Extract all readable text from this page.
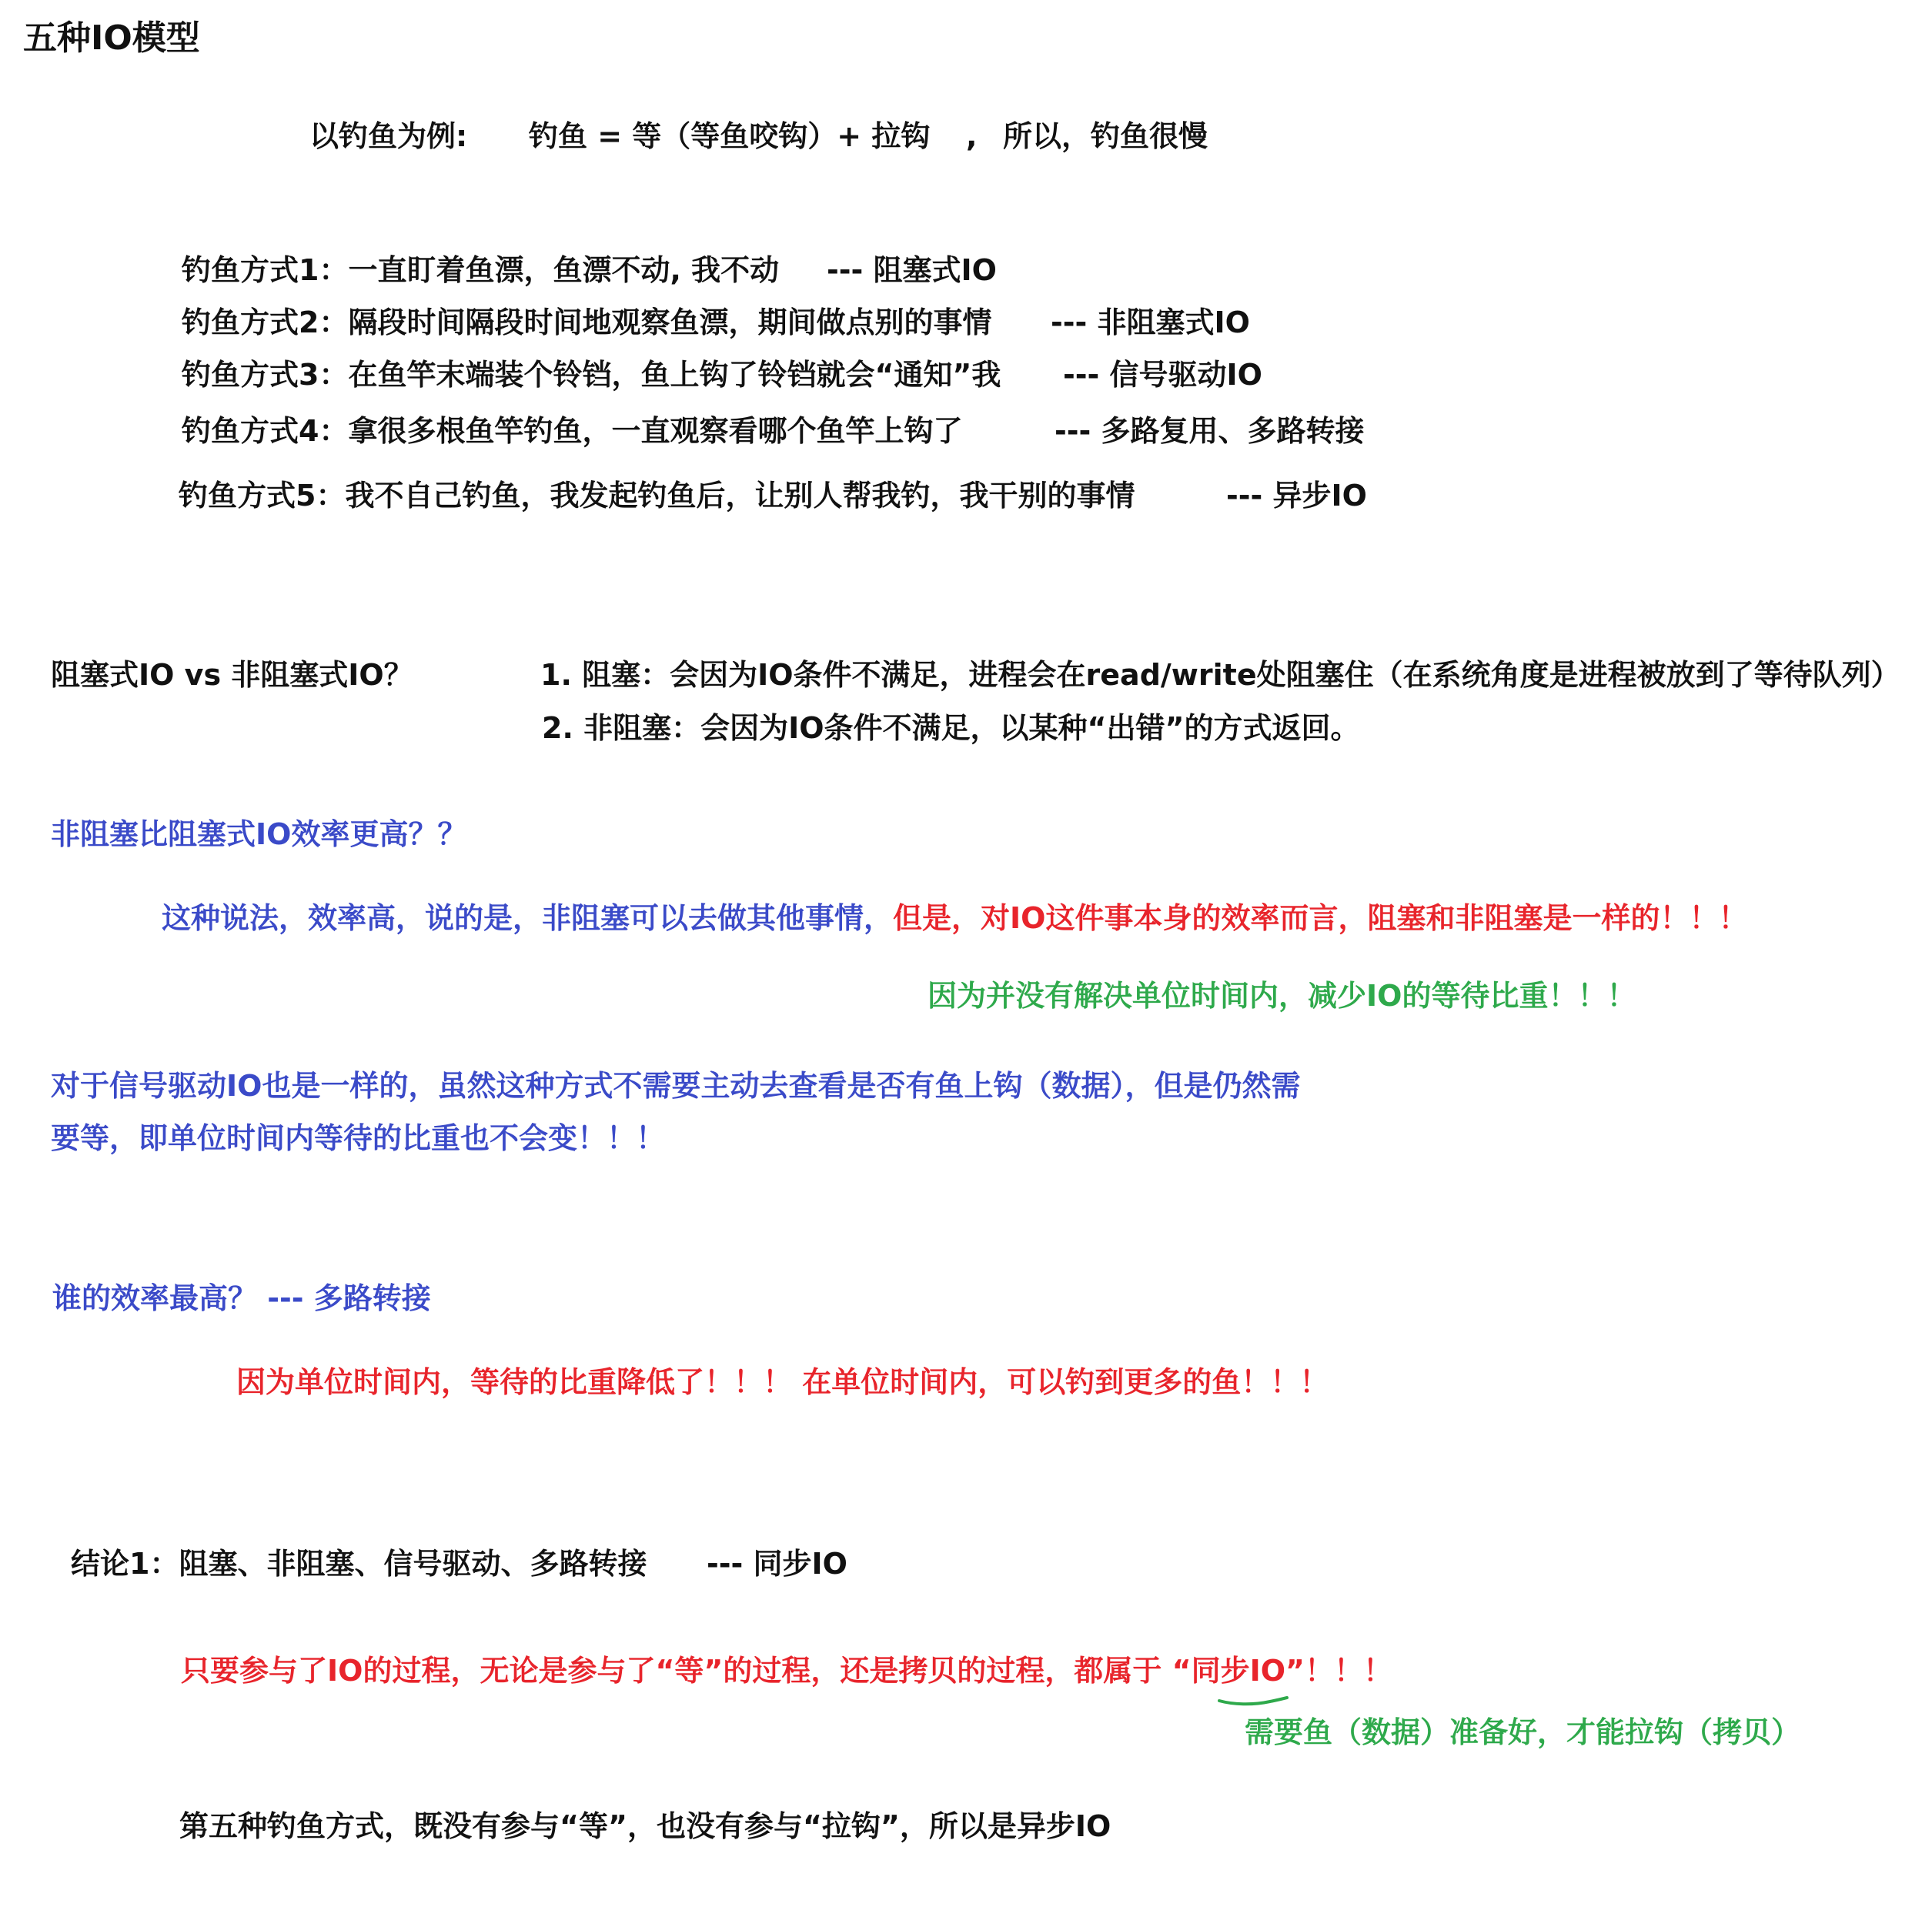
五种IO模型
以钓鱼为例: 钓鱼 = 等（等鱼咬钩）+ 拉钩 , 所以，钓鱼很慢
钓鱼方式1：一直盯着鱼漂，鱼漂不动, 我不动 --- 阻塞式IO
钓鱼方式2：隔段时间隔段时间地观察鱼漂，期间做点别的事情 --- 非阻塞式IO
钓鱼方式3：在鱼竿末端装个铃铛，鱼上钩了铃铛就会“通知”我 --- 信号驱动IO
钓鱼方式4：拿很多根鱼竿钓鱼，一直观察看哪个鱼竿上钩了	--- 多路复用、多路转接
钓鱼方式5：我不自己钓鱼，我发起钓鱼后，让别人帮我钓，我干别的事情	--- 异步IO
阻塞式IO vs 非阻塞式IO？	1. 阻塞：会因为IO条件不满足，进程会在read/write处阻塞住（在系统角度是进程被放到了等待队列）
2. 非阻塞：会因为IO条件不满足，以某种“出错”的方式返回。
非阻塞比阻塞式IO效率更高？？
这种说法，效率高，说的是，非阻塞可以去做其他事情，但是，对IO这件事本身的效率而言，阻塞和非阻塞是一样的！！！
因为并没有解决单位时间内，减少IO的等待比重！！！
对于信号驱动IO也是一样的，虽然这种方式不需要主动去查看是否有鱼上钩（数据），但是仍然需
要等，即单位时间内等待的比重也不会变！！！
谁的效率最高？ --- 多路转接
因为单位时间内，等待的比重降低了！！！ 在单位时间内，可以钓到更多的鱼！！！
结论1：阻塞、非阻塞、信号驱动、多路转接 --- 同步IO
只要参与了IO的过程，无论是参与了“等”的过程，还是拷贝的过程，都属于 “同步IO”！！！
需要鱼（数据）准备好，才能拉钩（拷贝）
第五种钓鱼方式，既没有参与“等”，也没有参与“拉钩”，所以是异步IO
